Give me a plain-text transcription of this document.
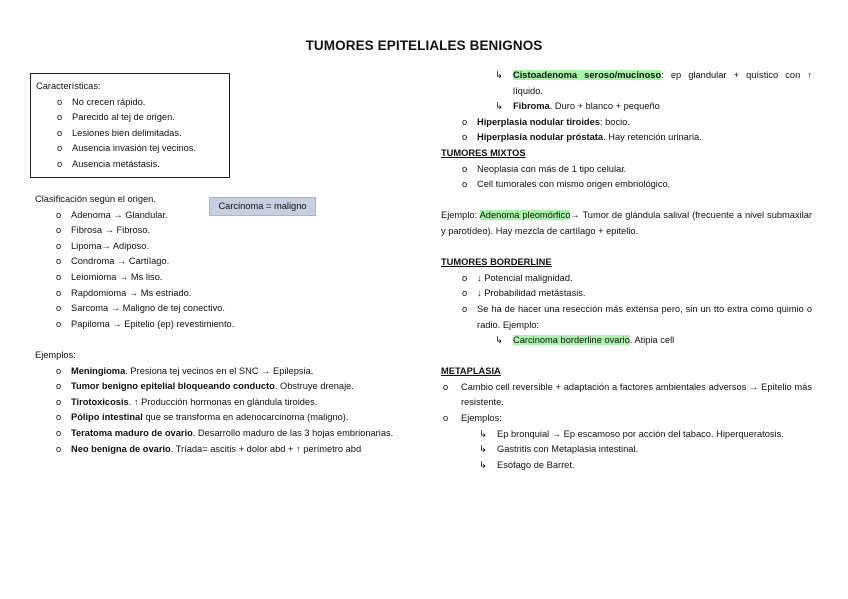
TUMORES EPITELIALES BENIGNOS
Características:
o No crecen rápido.
o Parecido al tej de origen.
o Lesiones bien delimitadas.
o Ausencia invasión tej vecinos.
o Ausencia metástasis.
Carcinoma = maligno
Clasificación según el origen.
o Adenoma → Glandular.
o Fibrosa → Fibroso.
o Lipoma→ Adiposo.
o Condroma → Cartílago.
o Leiomioma → Ms liso.
o Rapdomioma → Ms estriado.
o Sarcoma → Maligno de tej conectivo.
o Papiloma → Epitelio (ep) revestimiento.
Ejemplos:
o Meningioma. Presiona tej vecinos en el SNC → Epilepsia.
o Tumor benigno epitelial bloqueando conducto. Obstruye drenaje.
o Tirotoxicosis. ↑ Producción hormonas en glándula tiroides.
o Pólipo intestinal que se transforma en adenocarcinoma (maligno).
o Teratoma maduro de ovario. Desarrollo maduro de las 3 hojas embrionarias.
o Neo benigna de ovario. Tríada= ascitis + dolor abd + ↑ perímetro abd
↳ Cistoadenoma seroso/mucinoso: ep glandular + quístico con ↑ líquido.
↳ Fibroma. Duro + blanco + pequeño
o Hiperplasia nodular tiroides: bocio.
o Hiperplasia nodular próstata. Hay retención urinaria.
TUMORES MIXTOS
o Neoplasia con más de 1 tipo celular.
o Cell tumorales con mismo origen embriológico.
Ejemplo: Adenoma pleomórfico→ Tumor de glándula salival (frecuente a nivel submaxilar y parotídeo). Hay mezcla de cartílago + epitelio.
TUMORES BORDERLINE
o ↓ Potencial malignidad.
o ↓ Probabilidad metástasis.
o Se ha de hacer una resección más extensa pero, sin un tto extra como quimio o radio. Ejemplo:
↳ Carcinoma borderline ovario. Atipia cell
METAPLASIA
o Cambio cell reversible + adaptación a factores ambientales adversos → Epitelio más resistente.
o Ejemplos:
↳ Ep bronquial → Ep escamoso por acción del tabaco. Hiperqueratosis.
↳ Gastritis con Metaplasia intestinal.
↳ Esófago de Barret.
